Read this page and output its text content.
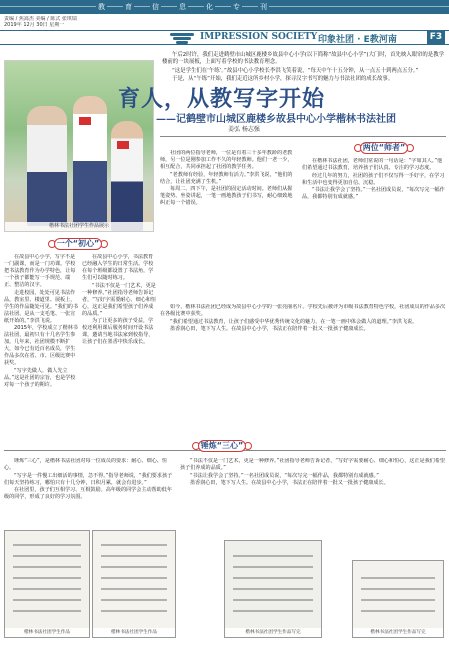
教	育	信	息	化	专	刊
责编 / 焦嵩杰 美编 / 陈式 张琪瑞
2019年 12月 30日 星期一
IMPRESSION SOCIETY 印象社团 · E教河南	F3
楷林书法社团学生作品展示

午后2时许，我们走进鹤壁市山城区鹿楼乡故县中心小学(以下简称“故县中心小学”)大门时，首先映入眼帘的是教学楼前的一块展板，上面写着学校的书法教育理念。

“这是学生们在‘午练’。”故县中心小学校长李洪飞笑着说，“每天中午十五分钟，从一点五十到两点五分。”

于是，从“午练”开始，我们走近这所乡村小学，探寻汉字书写的魅力与书法社团的成长故事。

育人，从教写字开始
——记鹤壁市山城区鹿楼乡故县中心小学楷林书法社团
姜弘 杨志强
两位“师者”
一个“初心”

在故县中心小学，写字不是一门副课，而是一门功课。学校把书法教育作为办学特色，让每一个孩子都能写一手规范、端正、整洁的汉字。

走进校园，处处可见书法作品，教室里、楼道里、展板上，学生的作品随处可见。“我们的书法社团，是从一支毛笔、一张宣纸开始的。”李洪飞说。

2015年，学校成立了楷林书法社团，最初只有十几名学生参加。几年来，社团规模不断扩大，如今已有近百名成员，学生作品多次在省、市、区级比赛中获奖。

“写字先做人，做人先立品。”这是社团的宗旨，也是学校对每一个孩子的期许。

在故县中心小学，书法教育已经融入学生的日常生活。学校在每个班级都设置了书法角，学生们可以随时练习。

“书法不仅是一门艺术，更是一种修养。”社团指导老师告诉记者，“写好字需要耐心、细心和恒心，这正是我们希望孩子们养成的品质。”

为了让更多的孩子受益，学校还利用课后服务时间开设书法课，邀请当地书法家到校指导，让孩子们在墨香中快乐成长。

社团的两位指导老师，一位是有着三十多年教龄的老教师，另一位是刚参加工作不久的年轻教师。他们一老一少，相互配合，共同承担起了社团的教学任务。

“老教师有经验，年轻教师有活力。”李洪飞说，“他们的结合，让社团充满了生机。”

每周二、四下午，是社团的固定活动时间。老师们从握笔姿势、坐姿讲起，一笔一画地教孩子们书写，耐心细致地纠正每一个错误。

在楷林书法社团，老师们常说的一句话是：“字如其人。”他们希望通过书法教育，培养孩子们认真、专注的学习态度。

经过几年的努力，社团的孩子们不仅写得一手好字，在学习和生活中也变得更加自信、沉稳。

“书法让我学会了坚持。”一名社团成员说，“每次写完一幅作品，我都特别有成就感。”

如今，楷林书法社团已经成为故县中心小学的一张亮丽名片。学校先后被评为市级书法教育特色学校，社团成员的作品多次在各级比赛中获奖。

“我们希望通过书法教育，让孩子们感受中华优秀传统文化的魅力，在一笔一画中体会做人的道理。”李洪飞说。

墨香润心田，笔下写人生。在故县中心小学，书法正在陪伴着一批又一批孩子健康成长。

锤炼“三心”

锤炼“三心”，是楷林书法社团对每一位成员的要求：耐心、细心、恒心。

“写字是一件慢工出细活的事情，急不得。”指导老师说，“我们要求孩子们每天坚持练习，哪怕只有十几分钟，日积月累，就会有进步。”

在社团里，孩子们互相学习、互相鼓励。高年级的同学会主动帮助低年级的同学，形成了良好的学习氛围。

“书法不仅是一门艺术，更是一种修养。”社团指导老师告诉记者，“写好字需要耐心、细心和恒心，这正是我们希望孩子们养成的品质。”

“书法让我学会了坚持。”一名社团成员说，“每次写完一幅作品，我都特别有成就感。”

墨香润心田，笔下写人生。在故县中心小学，书法正在陪伴着一批又一批孩子健康成长。

楷林书法社团学生作品	楷林书法社团学生作品	楷林书法社团学生作品写完	楷林书法社团学生作品写完
